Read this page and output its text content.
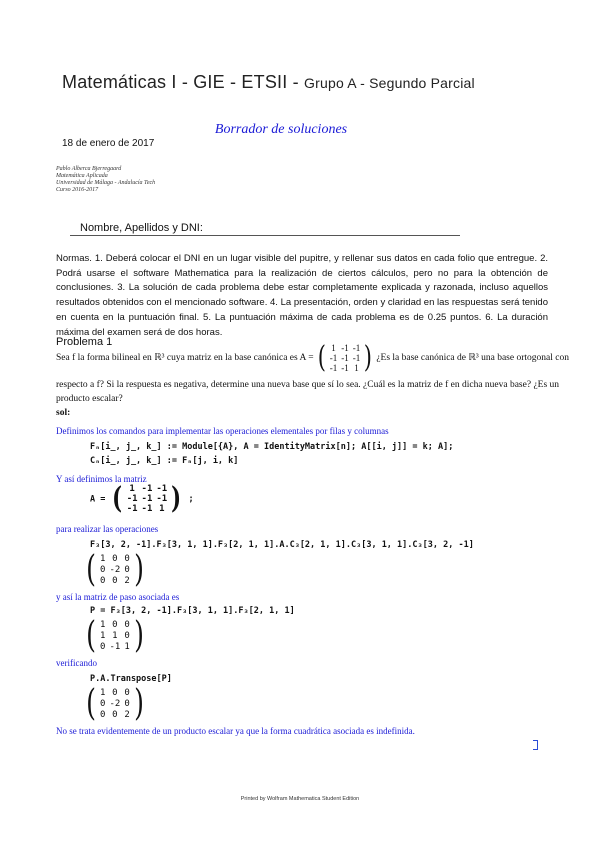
Matemáticas I - GIE - ETSII - Grupo A - Segundo Parcial
Borrador de soluciones
18 de enero de 2017
Pablo Alberca Bjerregaard
Matemática Aplicada
Universidad de Málaga - Andalucía Tech
Curso 2016-2017
Nombre, Apellidos y DNI:
Normas. 1. Deberá colocar el DNI en un lugar visible del pupitre, y rellenar sus datos en cada folio que entregue. 2. Podrá usarse el software Mathematica para la realización de ciertos cálculos, pero no para la obtención de conclusiones. 3. La solución de cada problema debe estar completamente explicada y razonada, incluso aquellos resultados obtenidos con el mencionado software. 4. La presentación, orden y claridad en las respuestas será tenido en cuenta en la puntuación final. 5. La puntuación máxima de cada problema es de 0.25 puntos. 6. La duración máxima del examen será de dos horas.
Problema 1
Sea f la forma bilineal en ℝ³ cuya matriz en la base canónica es A = ( 1	-1	-1
-1	-1	-1
-1	-1	1 ) ¿Es la base canónica de ℝ³ una base ortogonal con
respecto a f? Si la respuesta es negativa, determine una nueva base que sí lo sea. ¿Cuál es la matriz de f en dicha nueva base? ¿Es un
producto escalar?
sol:
Definimos los comandos para implementar las operaciones elementales por filas y columnas
Fₙ[i_, j_, k_] := Module[{A}, A = IdentityMatrix[n]; A[[i, j]] = k; A];
Cₙ[i_, j_, k_] := Fₙ[j, i, k]
Y así definimos la matriz
A = ( 1	-1	-1
-1	-1	-1
-1	-1	1 ) ;
para realizar las operaciones
F₃[3, 2, -1].F₃[3, 1, 1].F₃[2, 1, 1].A.C₃[2, 1, 1].C₃[3, 1, 1].C₃[3, 2, -1]
( 1	0	0
0	-2	0
0	0	2 )
y así la matriz de paso asociada es
P = F₃[3, 2, -1].F₃[3, 1, 1].F₃[2, 1, 1]
( 1	0	0
1	1	0
0	-1	1 )
verificando
P.A.Transpose[P]
( 1	0	0
0	-2	0
0	0	2 )
No se trata evidentemente de un producto escalar ya que la forma cuadrática asociada es indefinida.
Printed by Wolfram Mathematica Student Edition
